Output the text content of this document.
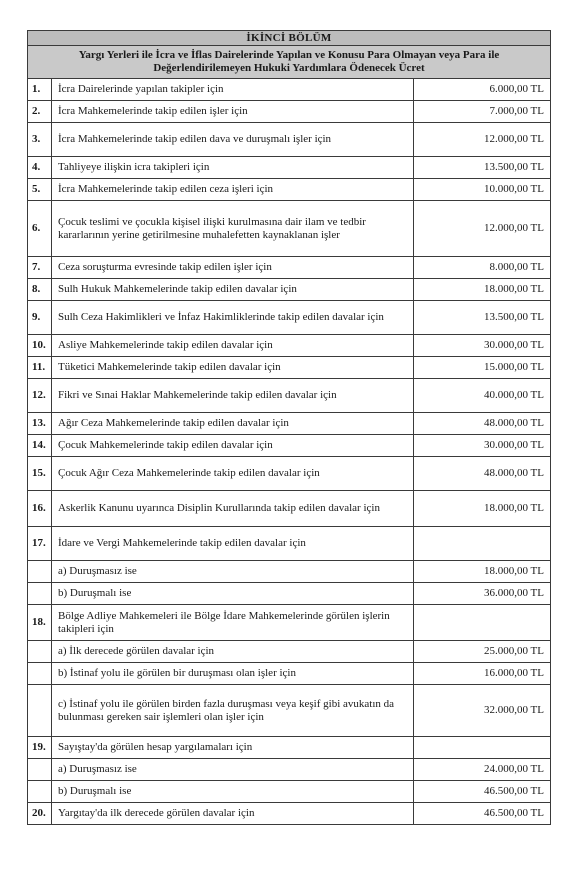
İKİNCİ BÖLÜM		
Yargı Yerleri ile İcra ve İflas Dairelerinde Yapılan ve Konusu Para Olmayan veya Para ile Değerlendirilemeyen Hukuki Yardımlara Ödenecek Ücret		
1.	İcra Dairelerinde yapılan takipler için	6.000,00 TL
2.	İcra Mahkemelerinde takip edilen işler için	7.000,00 TL
3.	İcra Mahkemelerinde takip edilen dava ve duruşmalı işler için	12.000,00 TL
4.	Tahliyeye ilişkin icra takipleri için	13.500,00 TL
5.	İcra Mahkemelerinde takip edilen ceza işleri için	10.000,00 TL
6.	Çocuk teslimi ve çocukla kişisel ilişki kurulmasına dair ilam ve tedbir kararlarının yerine getirilmesine muhalefetten kaynaklanan işler	12.000,00 TL
7.	Ceza soruşturma evresinde takip edilen işler için	8.000,00 TL
8.	Sulh Hukuk Mahkemelerinde takip edilen davalar için	18.000,00 TL
9.	Sulh Ceza Hakimlikleri ve İnfaz Hakimliklerinde takip edilen davalar için	13.500,00 TL
10.	Asliye Mahkemelerinde takip edilen davalar için	30.000,00 TL
11.	Tüketici Mahkemelerinde takip edilen davalar için	15.000,00 TL
12.	Fikri ve Sınai Haklar Mahkemelerinde takip edilen davalar için	40.000,00 TL
13.	Ağır Ceza Mahkemelerinde takip edilen davalar için	48.000,00 TL
14.	Çocuk Mahkemelerinde takip edilen davalar için	30.000,00 TL
15.	Çocuk Ağır Ceza Mahkemelerinde takip edilen davalar için	48.000,00 TL
16.	Askerlik Kanunu uyarınca Disiplin Kurullarında takip edilen davalar için	18.000,00 TL
17.	İdare ve Vergi Mahkemelerinde takip edilen davalar için	
	a) Duruşmasız ise	18.000,00 TL
	b) Duruşmalı ise	36.000,00 TL
18.	Bölge Adliye Mahkemeleri ile Bölge İdare Mahkemelerinde görülen işlerin takipleri için	
	a) İlk derecede görülen davalar için	25.000,00 TL
	b) İstinaf yolu ile görülen bir duruşması olan işler için	16.000,00 TL
	c) İstinaf yolu ile görülen birden fazla duruşması veya keşif gibi avukatın da bulunması gereken sair işlemleri olan işler için	32.000,00 TL
19.	Sayıştay'da görülen hesap yargılamaları için	
	a) Duruşmasız ise	24.000,00 TL
	b) Duruşmalı ise	46.500,00 TL
20.	Yargıtay'da ilk derecede görülen davalar için	46.500,00 TL
